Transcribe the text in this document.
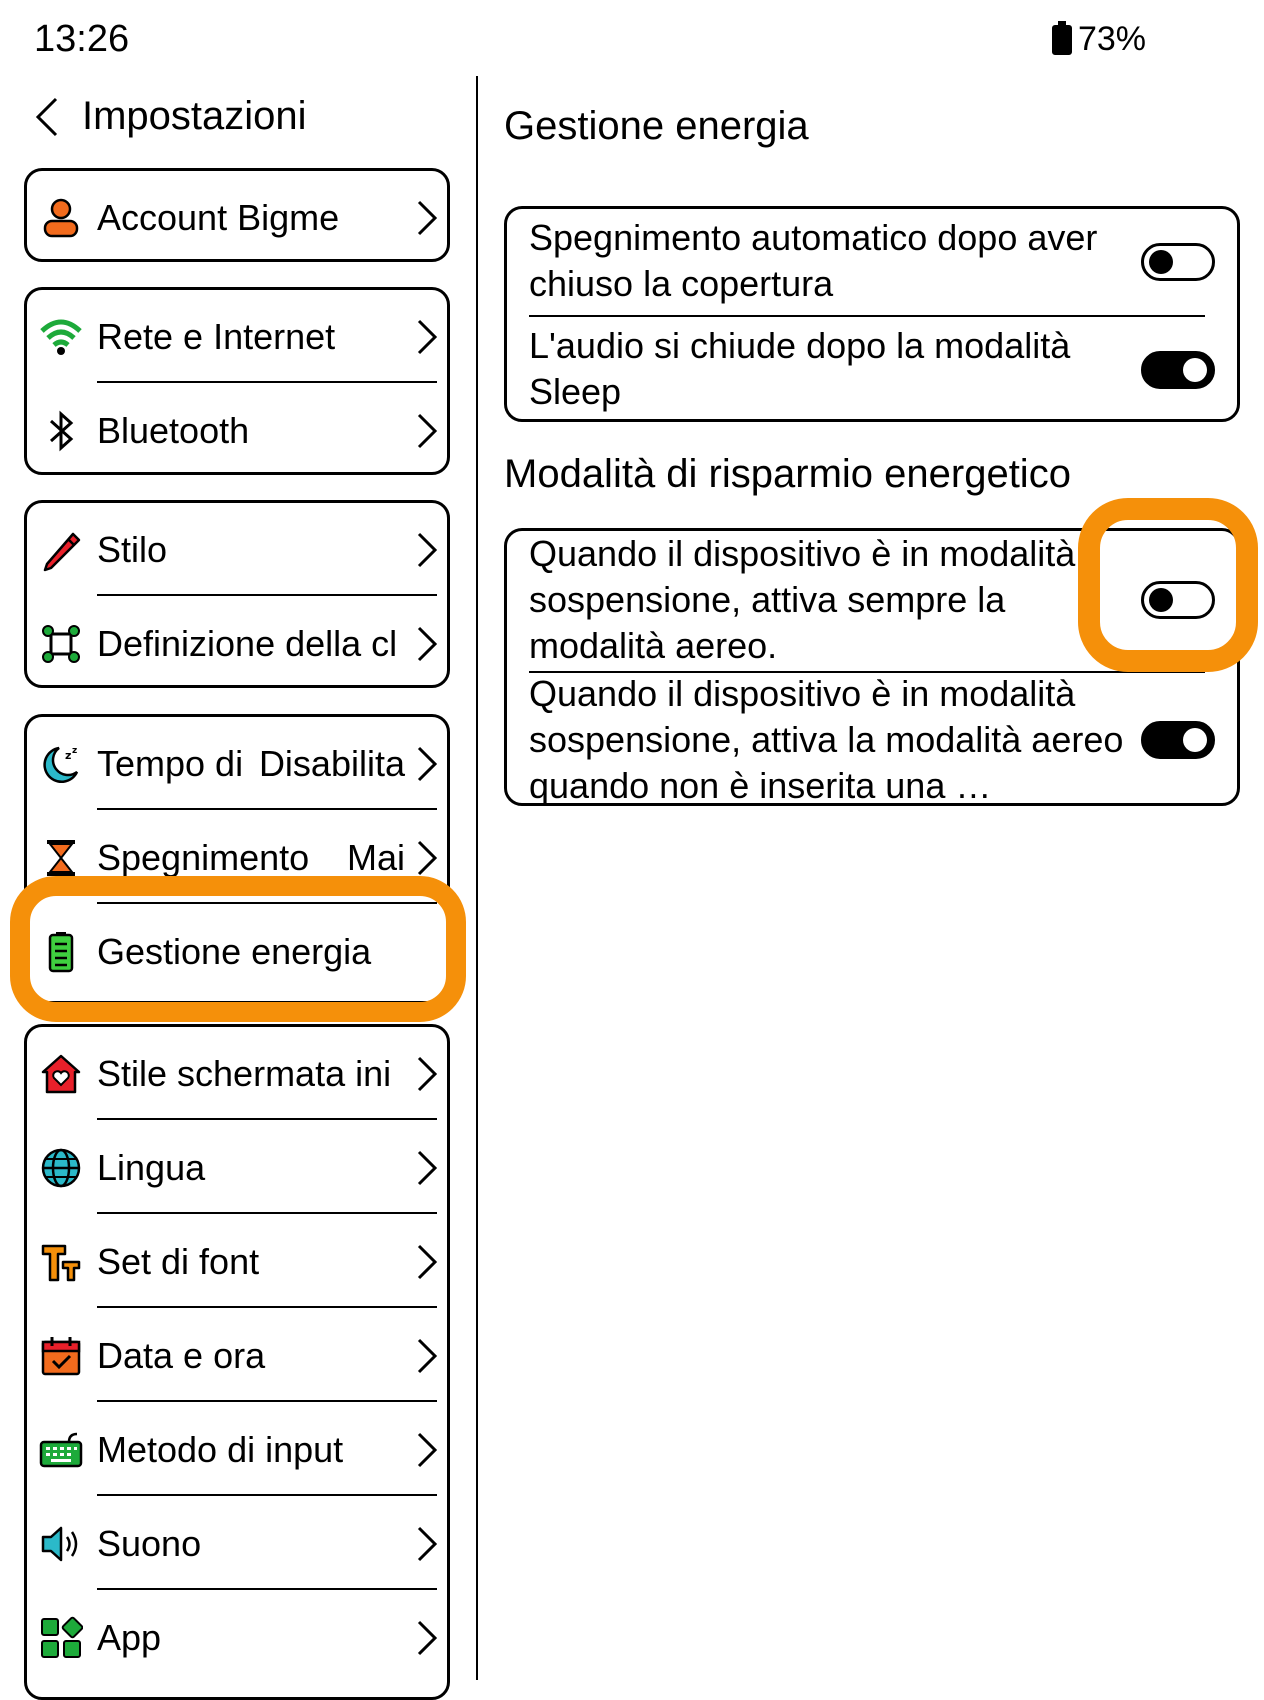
13:26	73%
Impostazioni
Account Bigme
Rete e Internet
Bluetooth
Stilo
Definizione della cl
z z Tempo di Disabilita
Spegnimento	Mai
Gestione energia
Stile schermata ini
Lingua
Set di font
Data e ora
Metodo di input
Suono
App
Gestione energia
Spegnimento automatico dopo aver chiuso la copertura
L'audio si chiude dopo la modalità Sleep
Modalità di risparmio energetico
Quando il dispositivo è in modalità sospensione, attiva sempre la modalità aereo.
Quando il dispositivo è in modalità sospensione, attiva la modalità aereo quando non è inserita una …
